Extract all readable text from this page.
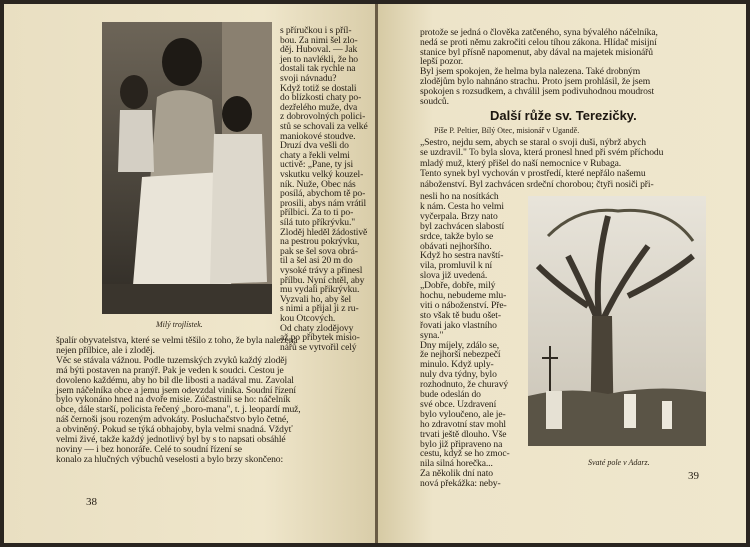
Milý trojlístek.
s příručkou i s příl-
bou. Za nimi šel zlo-
děj. Huboval. — Jak
jen to navlékli, že ho
dostali tak rychle na
svoji návnadu?
Když totiž se dostali
do blízkosti chaty po-
dezřelého muže, dva
z dobrovolných polici-
stů se schovali za velké
maniokové stoudve.
Druzí dva vešli do
chaty a řekli velmi
uctivě: „Pane, ty jsi
vskutku velký kouzel-
ník. Nuže, Obec nás
posílá, abychom tě po-
prosili, abys nám vrátil
přílbici. Za to ti po-
sílá tuto příkrývku."
Zloděj hleděl žádostivě
na pestrou pokrývku,
pak se šel sova obrá-
til a šel asi 20 m do
vysoké trávy a přinesl
přílbu. Nyní chtěl, aby
mu vydali přikrývku.
Vyzvali ho, aby šel
s nimi a přijal ji z ru-
kou Otcových.
Od chaty zlodějovy
až po příbytek misio-
nářů se vytvořil celý
špalír obyvatelstva, které se velmi těšilo z toho, že byla nalezena
nejen přílbice, ale i zloděj.
Věc se stávala vážnou. Podle tuzemských zvyků každý zloděj
má býti postaven na pranýř. Pak je veden k soudci. Cestou je
dovoleno každému, aby ho bil dle libosti a nadával mu. Zavolal
jsem náčelníka obce a jemu jsem odevzdal viníka. Soudní řízení
bylo vykonáno hned na dvoře misie. Zúčastnili se ho: náčelník
obce, dále starší, policista řečený „boro-mana", t. j. leopardí muž,
náš černoši jsou rozeným advokáty. Posluchačstvo bylo četné,
a obviněný. Pokud se týká obhajoby, byla velmi snadná. Vždyť
velmi živé, takže každý jednotlivý byl by s to napsati obsáhlé
noviny — i bez honoráře. Celé to soudní řízení se
konalo za hlučných výbuchů veselosti a bylo brzy skončeno:
38
protože se jedná o člověka zatčeného, syna bývalého náčelníka,
nedá se proti němu zakročiti celou tíhou zákona. Hlídač misijní
stanice byl přísně napomenut, aby dával na majetek misionářů
lepší pozor.
Byl jsem spokojen, že helma byla nalezena. Také drobným
zlodějům bylo nahnáno strachu. Proto jsem prohlásil, že jsem
spokojen s rozsudkem, a chválil jsem podivuhodnou moudrost
soudců.
Další růže sv. Terezičky.
Píše P. Peltier, Bílý Otec, misionář v Ugandě.
„Sestro, nejdu sem, abych se staral o svoji duši, nýbrž abych
se uzdravil." To byla slova, která pronesl hned při svém příchodu
mladý muž, který přišel do naší nemocnice v Rubaga.
Tento synek byl vychován v prostředí, které nepřálo našemu
náboženství. Byl zachvácen srdeční chorobou; čtyři nosiči při-
nesli ho na nosítkách
k nám. Cesta ho velmi
vyčerpala. Brzy nato
byl zachvácen slabostí
srdce, takže bylo se
obávati nejhoršího.
Když ho sestra navští-
vila, promluvil k ní
slova již uvedená.
„Dobře, dobře, milý
hochu, nebudeme mlu-
viti o náboženství. Pře-
sto však tě budu ošet-
řovati jako vlastního
syna."
Dny míjely, zdálo se,
že nejhorší nebezpečí
minulo. Když uply-
nuly dva týdny, bylo
rozhodnuto, že churavý
bude odeslán do
své obce. Uzdravení
bylo vyloučeno, ale je-
ho zdravotní stav mohl
trvati ještě dlouho. Vše
bylo již připraveno na
cestu, když se ho zmoc-
nila silná horečka...
Za několik dní nato
nová překážka: neby-
Svaté pole v Adarz.
39
